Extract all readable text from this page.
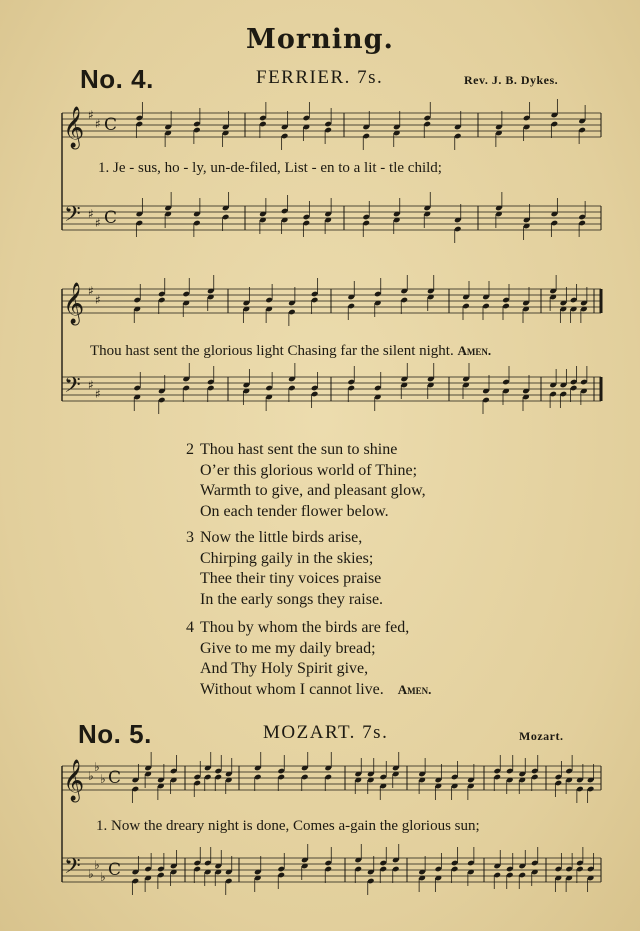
Morning.
No. 4.	FERRIER. 7s.	Rev. J. B. Dykes.
𝄞 ♯
♯ C
𝄢 ♯
♯ C
𝄞 ♯
♯
𝄢 ♯
♯
𝄞 ♭
♭
♭ C
𝄢 ♭
♭
♭ C
1. Je - sus, ho - ly, un-de-filed, List - en to a lit - tle child;
Thou hast sent the glorious light Chasing far the silent night. Amen.
2 Thou hast sent the sun to shine
O’er this glorious world of Thine;
Warmth to give, and pleasant glow,
On each tender flower below.
3 Now the little birds arise,
Chirping gaily in the skies;
Thee their tiny voices praise
In the early songs they raise.
4 Thou by whom the birds are fed,
Give to me my daily bread;
And Thy Holy Spirit give,
Without whom I cannot live. Amen.
No. 5.	MOZART. 7s.	Mozart.
1. Now the dreary night is done, Comes a-gain the glorious sun;
